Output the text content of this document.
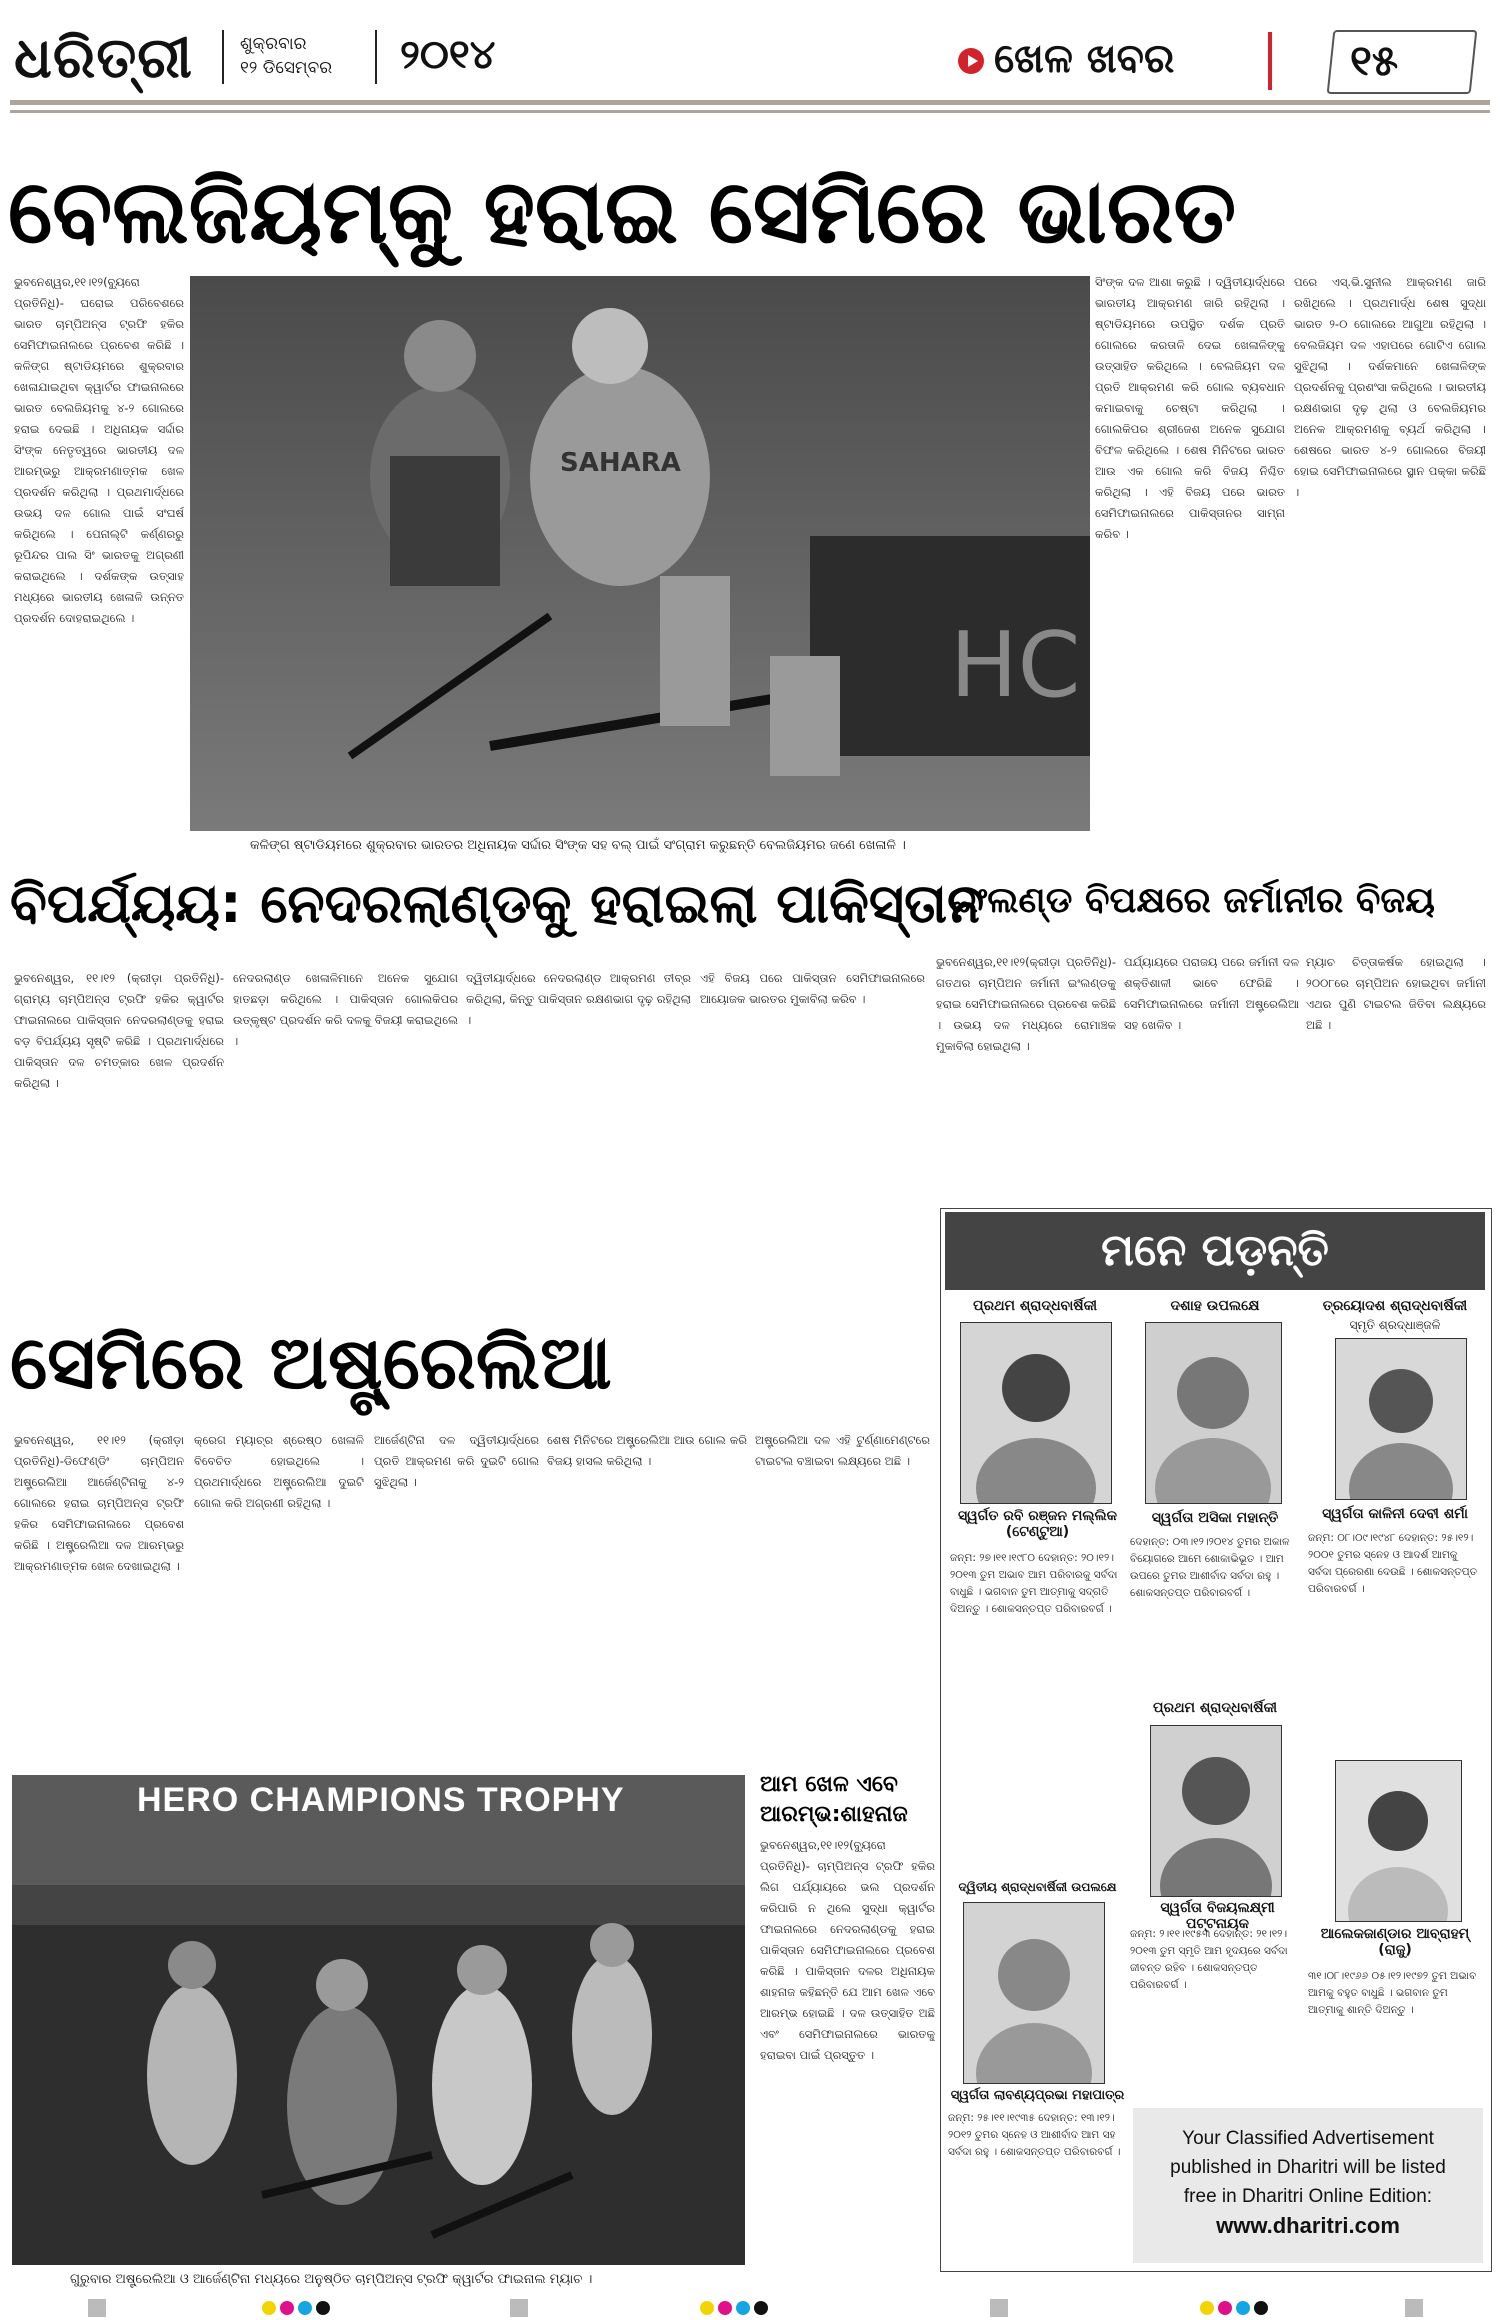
ଧରିତ୍ରୀ	ଶୁକ୍ରବାର
୧୨ ଡିସେମ୍ବର ୨୦୧୪	ଖେଳ ଖବର	୧୫
ବେଲଜିୟମ୍‌କୁ ହରାଇ ସେମିରେ ଭାରତ
ଭୁବନେଶ୍ୱର,୧୧।୧୨(ବ୍ୟୁରୋ ପ୍ରତିନିଧି)- ଘରୋଇ ପରିବେଶରେ ଭାରତ ଚାମ୍ପିଅନ୍ସ ଟ୍ରଫି ହକିର ସେମିଫାଇନାଲରେ ପ୍ରବେଶ କରିଛି । କଳିଙ୍ଗ ଷ୍ଟାଡିୟମରେ ଶୁକ୍ରବାର ଖେଳାଯାଇଥିବା କ୍ୱାର୍ଟର ଫାଇନାଲରେ ଭାରତ ବେଲଜିୟମକୁ ୪-୨ ଗୋଲରେ ହରାଇ ଦେଇଛି । ଅଧିନାୟକ ସର୍ଦ୍ଦାର ସିଂଙ୍କ ନେତୃତ୍ୱରେ ଭାରତୀୟ ଦଳ ଆରମ୍ଭରୁ ଆକ୍ରମଣାତ୍ମକ ଖେଳ ପ୍ରଦର୍ଶନ କରିଥିଲା । ପ୍ରଥମାର୍ଦ୍ଧରେ ଉଭୟ ଦଳ ଗୋଲ ପାଇଁ ସଂଘର୍ଷ କରିଥିଲେ । ପେନାଲ୍ଟି କର୍ଣ୍ଣରରୁ ରୂପିନ୍ଦର ପାଲ ସିଂ ଭାରତକୁ ଅଗ୍ରଣୀ କରାଇଥିଲେ । ଦର୍ଶକଙ୍କ ଉତ୍ସାହ ମଧ୍ୟରେ ଭାରତୀୟ ଖେଳାଳି ଉନ୍ନତ ପ୍ରଦର୍ଶନ ଦୋହରାଇଥିଲେ ।	HC
SAHARA
କଳିଙ୍ଗ ଷ୍ଟାଡିୟମରେ ଶୁକ୍ରବାର ଭାରତର ଅଧିନାୟକ ସର୍ଦ୍ଦାର ସିଂଙ୍କ ସହ ବଲ୍ ପାଇଁ ସଂଗ୍ରାମ କରୁଛନ୍ତି ବେଲଜିୟମର ଜଣେ ଖେଳାଳି ।
ସିଂଙ୍କ ଦଳ ଆଶା କରୁଛି । ଦ୍ୱିତୀୟାର୍ଦ୍ଧରେ ଭାରତୀୟ ଆକ୍ରମଣ ଜାରି ରହିଥିଲା । ଷ୍ଟାଡିୟମରେ ଉପସ୍ଥିତ ଦର୍ଶକ ପ୍ରତି ଗୋଲରେ କରତାଳି ଦେଇ ଖେଳାଳିଙ୍କୁ ଉତ୍ସାହିତ କରିଥିଲେ । ବେଲଜିୟମ ଦଳ ପ୍ରତି ଆକ୍ରମଣ କରି ଗୋଲ ବ୍ୟବଧାନ କମାଇବାକୁ ଚେଷ୍ଟା କରିଥିଲା । ଗୋଲକିପର ଶ୍ରୀଜେଶ ଅନେକ ସୁଯୋଗ ବିଫଳ କରିଥିଲେ । ଶେଷ ମିନିଟରେ ଭାରତ ଆଉ ଏକ ଗୋଲ କରି ବିଜୟ ନିଶ୍ଚିତ କରିଥିଲା । ଏହି ବିଜୟ ପରେ ଭାରତ ସେମିଫାଇନାଲରେ ପାକିସ୍ତାନର ସାମ୍ନା କରିବ ।
ପରେ ଏସ୍.ଭି.ସୁନୀଲ ଆକ୍ରମଣ ଜାରି ରଖିଥିଲେ । ପ୍ରଥମାର୍ଦ୍ଧ ଶେଷ ସୁଦ୍ଧା ଭାରତ ୨-୦ ଗୋଲରେ ଆଗୁଆ ରହିଥିଲା । ବେଲଜିୟମ ଦଳ ଏହାପରେ ଗୋଟିଏ ଗୋଲ ସୁଝିଥିଲା । ଦର୍ଶକମାନେ ଖେଳାଳିଙ୍କ ପ୍ରଦର୍ଶନକୁ ପ୍ରଶଂସା କରିଥିଲେ । ଭାରତୀୟ ରକ୍ଷଣଭାଗ ଦୃଢ଼ ଥିଲା ଓ ବେଲଜିୟମର ଅନେକ ଆକ୍ରମଣକୁ ବ୍ୟର୍ଥ କରିଥିଲା । ଶେଷରେ ଭାରତ ୪-୨ ଗୋଲରେ ବିଜୟୀ ହୋଇ ସେମିଫାଇନାଲରେ ସ୍ଥାନ ପକ୍କା କରିଛି ।
ବିପର୍ଯ୍ୟୟ: ନେଦରଲାଣ୍ଡକୁ ହରାଇଲା ପାକିସ୍ତାନ
ଇଂଲଣ୍ଡ ବିପକ୍ଷରେ ଜର୍ମାନୀର ବିଜୟ
ଭୁବନେଶ୍ୱର, ୧୧।୧୨ (କ୍ରୀଡ଼ା ପ୍ରତିନିଧି)-ଗ୍ରାମ୍ୟ ଚାମ୍ପିଅନ୍ସ ଟ୍ରଫି ହକିର କ୍ୱାର୍ଟର ଫାଇନାଲରେ ପାକିସ୍ତାନ ନେଦରଲାଣ୍ଡକୁ ହରାଇ ବଡ଼ ବିପର୍ଯ୍ୟୟ ସୃଷ୍ଟି କରିଛି । ପ୍ରଥମାର୍ଦ୍ଧରେ ପାକିସ୍ତାନ ଦଳ ଚମତ୍କାର ଖେଳ ପ୍ରଦର୍ଶନ କରିଥିଲା ।
ନେଦରଲାଣ୍ଡ ଖେଳାଳିମାନେ ଅନେକ ସୁଯୋଗ ହାତଛଡ଼ା କରିଥିଲେ । ପାକିସ୍ତାନ ଗୋଲକିପର ଉତ୍କୃଷ୍ଟ ପ୍ରଦର୍ଶନ କରି ଦଳକୁ ବିଜୟୀ କରାଇଥିଲେ ।
ଦ୍ୱିତୀୟାର୍ଦ୍ଧରେ ନେଦରଲାଣ୍ଡ ଆକ୍ରମଣ ତୀବ୍ର କରିଥିଲା, କିନ୍ତୁ ପାକିସ୍ତାନ ରକ୍ଷଣଭାଗ ଦୃଢ଼ ରହିଥିଲା ।
ଏହି ବିଜୟ ପରେ ପାକିସ୍ତାନ ସେମିଫାଇନାଲରେ ଆୟୋଜକ ଭାରତର ମୁକାବିଲା କରିବ ।
ଭୁବନେଶ୍ୱର,୧୧।୧୨(କ୍ରୀଡ଼ା ପ୍ରତିନିଧି)- ଗତଥର ଚାମ୍ପିଅନ ଜର୍ମାନୀ ଇଂଲଣ୍ଡକୁ ହରାଇ ସେମିଫାଇନାଲରେ ପ୍ରବେଶ କରିଛି । ଉଭୟ ଦଳ ମଧ୍ୟରେ ରୋମାଞ୍ଚକ ମୁକାବିଲା ହୋଇଥିଲା ।
ପର୍ଯ୍ୟାୟରେ ପରାଜୟ ପରେ ଜର୍ମାନୀ ଦଳ ଶକ୍ତିଶାଳୀ ଭାବେ ଫେରିଛି । ସେମିଫାଇନାଲରେ ଜର୍ମାନୀ ଅଷ୍ଟ୍ରେଲିଆ ସହ ଖେଳିବ ।
ମ୍ୟାଚ ଚିତ୍ତାକର୍ଷକ ହୋଇଥିଲା । ୨୦୦୮ରେ ଚାମ୍ପିଅନ ହୋଇଥିବା ଜର୍ମାନୀ ଏଥର ପୁଣି ଟାଇଟଲ ଜିତିବା ଲକ୍ଷ୍ୟରେ ଅଛି ।
ସେମିରେ ଅଷ୍ଟ୍ରେଲିଆ
ଭୁବନେଶ୍ୱର, ୧୧।୧୨ (କ୍ରୀଡ଼ା ପ୍ରତିନିଧି)-ଡିଫେଣ୍ଡିଂ ଚାମ୍ପିଅନ ଅଷ୍ଟ୍ରେଲିଆ ଆର୍ଜେଣ୍ଟିନାକୁ ୪-୨ ଗୋଲରେ ହରାଇ ଚାମ୍ପିଅନ୍ସ ଟ୍ରଫି ହକିର ସେମିଫାଇନାଲରେ ପ୍ରବେଶ କରିଛି । ଅଷ୍ଟ୍ରେଲିଆ ଦଳ ଆରମ୍ଭରୁ ଆକ୍ରମଣାତ୍ମକ ଖେଳ ଦେଖାଇଥିଲା ।
କ୍ରେଗ ମ୍ୟାଚ୍‌ର ଶ୍ରେଷ୍ଠ ଖେଳାଳି ବିବେଚିତ ହୋଇଥିଲେ । ପ୍ରଥମାର୍ଦ୍ଧରେ ଅଷ୍ଟ୍ରେଲିଆ ଦୁଇଟି ଗୋଲ କରି ଅଗ୍ରଣୀ ରହିଥିଲା ।
ଆର୍ଜେଣ୍ଟିନା ଦଳ ଦ୍ୱିତୀୟାର୍ଦ୍ଧରେ ପ୍ରତି ଆକ୍ରମଣ କରି ଦୁଇଟି ଗୋଲ ସୁଝିଥିଲା ।
ଶେଷ ମିନିଟରେ ଅଷ୍ଟ୍ରେଲିଆ ଆଉ ଗୋଲ କରି ବିଜୟ ହାସଲ କରିଥିଲା ।
ଅଷ୍ଟ୍ରେଲିଆ ଦଳ ଏହି ଟୁର୍ଣ୍ଣାମେଣ୍ଟରେ ଟାଇଟଲ ବଞ୍ଚାଇବା ଲକ୍ଷ୍ୟରେ ଅଛି ।
HERO CHAMPIONS TROPHY
ଗୁରୁବାର ଅଷ୍ଟ୍ରେଲିଆ ଓ ଆର୍ଜେଣ୍ଟିନା ମଧ୍ୟରେ ଅନୁଷ୍ଠିତ ଚାମ୍ପିଅନ୍ସ ଟ୍ରଫି କ୍ୱାର୍ଟର ଫାଇନାଲ ମ୍ୟାଚ ।
ଆମ ଖେଳ ଏବେ ଆରମ୍ଭ:ଶାହନାଜ
ଭୁବନେଶ୍ୱର,୧୧।୧୨(ବ୍ୟୁରୋ ପ୍ରତିନିଧି)- ଚାମ୍ପିଅନ୍ସ ଟ୍ରଫି ହକିର ଲିଗ ପର୍ଯ୍ୟାୟରେ ଭଲ ପ୍ରଦର୍ଶନ କରିପାରି ନ ଥିଲେ ସୁଦ୍ଧା କ୍ୱାର୍ଟର ଫାଇନାଲରେ ନେଦରଲାଣ୍ଡକୁ ହରାଇ ପାକିସ୍ତାନ ସେମିଫାଇନାଲରେ ପ୍ରବେଶ କରିଛି । ପାକିସ୍ତାନ ଦଳର ଅଧିନାୟକ ଶାହନାଜ କହିଛନ୍ତି ଯେ ଆମ ଖେଳ ଏବେ ଆରମ୍ଭ ହୋଇଛି । ଦଳ ଉତ୍ସାହିତ ଅଛି ଏବଂ ସେମିଫାଇନାଲରେ ଭାରତକୁ ହରାଇବା ପାଇଁ ପ୍ରସ୍ତୁତ ।
ମନେ ପଡ଼ନ୍ତି
ପ୍ରଥମ ଶ୍ରାଦ୍ଧବାର୍ଷିକୀ
ସ୍ୱର୍ଗତ ରବି ରଞ୍ଜନ ମଲ୍ଲିକ (ଟେଣ୍ଟୁଆ)
ଜନ୍ମ: ୨୭।୧୧।୧୯୮୦ ଦେହାନ୍ତ: ୨୦।୧୨।୨୦୧୩ ତୁମ ଅଭାବ ଆମ ପରିବାରକୁ ସର୍ବଦା ବାଧୁଛି । ଭଗବାନ ତୁମ ଆତ୍ମାକୁ ସଦ୍‌ଗତି ଦିଅନ୍ତୁ । ଶୋକସନ୍ତପ୍ତ ପରିବାରବର୍ଗ ।
ଦଶାହ ଉପଲକ୍ଷେ
ସ୍ୱର୍ଗତା ଅସିକା ମହାନ୍ତି
ଦେହାନ୍ତ: ୦୩।୧୨।୨୦୧୪ ତୁମର ଅକାଳ ବିୟୋଗରେ ଆମେ ଶୋକାଭିଭୂତ । ଆମ ଉପରେ ତୁମର ଆଶୀର୍ବାଦ ସର୍ବଦା ରହୁ । ଶୋକସନ୍ତପ୍ତ ପରିବାରବର୍ଗ ।
ତ୍ରୟୋଦଶ ଶ୍ରାଦ୍ଧବାର୍ଷିକୀ
ସ୍ମୃତି ଶ୍ରଦ୍ଧାଞ୍ଜଳି
ସ୍ୱର୍ଗତା କାଳିନୀ ଦେବୀ ଶର୍ମା
ଜନ୍ମ: ୦୮।୦୯।୧୯୪୮ ଦେହାନ୍ତ: ୨୫।୧୨।୨୦୦୧ ତୁମର ସ୍ନେହ ଓ ଆଦର୍ଶ ଆମକୁ ସର୍ବଦା ପ୍ରେରଣା ଦେଉଛି । ଶୋକସନ୍ତପ୍ତ ପରିବାରବର୍ଗ ।
ପ୍ରଥମ ଶ୍ରାଦ୍ଧବାର୍ଷିକୀ
ସ୍ୱର୍ଗତା ବିଜୟଲକ୍ଷ୍ମୀ ପଟ୍ଟନାୟକ
ଜନ୍ମ: ୨।୧୧।୧୯୫୩ ଦେହାନ୍ତ: ୨୧।୧୨।୨୦୧୩ ତୁମ ସ୍ମୃତି ଆମ ହୃଦୟରେ ସର୍ବଦା ଜୀବନ୍ତ ରହିବ । ଶୋକସନ୍ତପ୍ତ ପରିବାରବର୍ଗ ।
ଦ୍ୱିତୀୟ ଶ୍ରାଦ୍ଧବାର୍ଷିକୀ ଉପଲକ୍ଷେ
ସ୍ୱର୍ଗତା ଲାବଣ୍ୟପ୍ରଭା ମହାପାତ୍ର
ଜନ୍ମ: ୨୫।୧୧।୧୯୩୫ ଦେହାନ୍ତ: ୧୩।୧୨।୨୦୧୨ ତୁମର ସ୍ନେହ ଓ ଆଶୀର୍ବାଦ ଆମ ସହ ସର୍ବଦା ରହୁ । ଶୋକସନ୍ତପ୍ତ ପରିବାରବର୍ଗ ।
ଆଲେକଜାଣ୍ଡାର ଆବ୍ରାହମ୍ (ରାଜୁ)
୩୧।୦୮।୧୯୬୬ ୦୫।୧୨।୧୯୭୨ ତୁମ ଅଭାବ ଆମକୁ ବହୁତ ବାଧୁଛି । ଭଗବାନ ତୁମ ଆତ୍ମାକୁ ଶାନ୍ତି ଦିଅନ୍ତୁ ।
Your Classified Advertisement
published in Dharitri will be listed
free in Dharitri Online Edition:
www.dharitri.com
